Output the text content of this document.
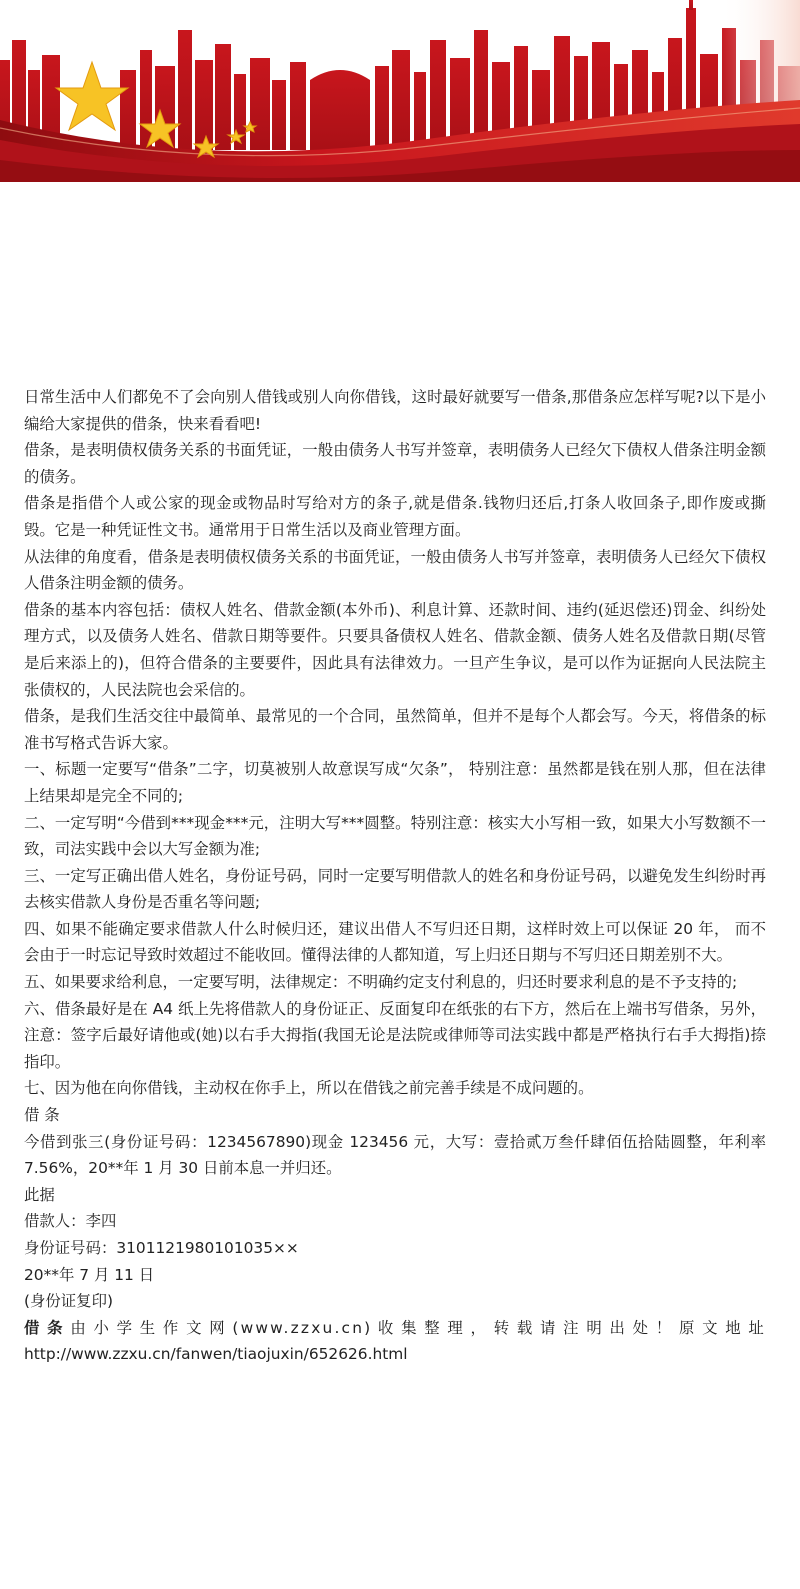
日常生活中人们都免不了会向别人借钱或别人向你借钱，这时最好就要写一借条,那借条应怎样写呢?以下是小编给大家提供的借条，快来看看吧!

借条，是表明债权债务关系的书面凭证，一般由债务人书写并签章，表明债务人已经欠下债权人借条注明金额的债务。

借条是指借个人或公家的现金或物品时写给对方的条子,就是借条.钱物归还后,打条人收回条子,即作废或撕毁。它是一种凭证性文书。通常用于日常生活以及商业管理方面。

从法律的角度看，借条是表明债权债务关系的书面凭证，一般由债务人书写并签章，表明债务人已经欠下债权人借条注明金额的债务。

借条的基本内容包括：债权人姓名、借款金额(本外币)、利息计算、还款时间、违约(延迟偿还)罚金、纠纷处理方式，以及债务人姓名、借款日期等要件。只要具备债权人姓名、借款金额、债务人姓名及借款日期(尽管是后来添上的)，但符合借条的主要要件，因此具有法律效力。一旦产生争议，是可以作为证据向人民法院主张债权的，人民法院也会采信的。

借条，是我们生活交往中最简单、最常见的一个合同，虽然简单，但并不是每个人都会写。今天，将借条的标准书写格式告诉大家。

一、标题一定要写“借条”二字，切莫被别人故意误写成“欠条”， 特别注意：虽然都是钱在别人那，但在法律上结果却是完全不同的;

二、一定写明“今借到***现金***元，注明大写***圆整。特别注意：核实大小写相一致，如果大小写数额不一致，司法实践中会以大写金额为准;

三、一定写正确出借人姓名，身份证号码，同时一定要写明借款人的姓名和身份证号码，以避免发生纠纷时再去核实借款人身份是否重名等问题;

四、如果不能确定要求借款人什么时候归还，建议出借人不写归还日期，这样时效上可以保证 20 年， 而不会由于一时忘记导致时效超过不能收回。懂得法律的人都知道，写上归还日期与不写归还日期差别不大。

五、如果要求给利息，一定要写明，法律规定：不明确约定支付利息的，归还时要求利息的是不予支持的;

六、借条最好是在 A4 纸上先将借款人的身份证正、反面复印在纸张的右下方，然后在上端书写借条，另外，注意：签字后最好请他或(她)以右手大拇指(我国无论是法院或律师等司法实践中都是严格执行右手大拇指)捺指印。

七、因为他在向你借钱，主动权在你手上，所以在借钱之前完善手续是不成问题的。

借 条

今借到张三(身份证号码：1234567890)现金 123456 元，大写：壹拾贰万叁仟肆佰伍拾陆圆整，年利率 7.56%，20**年 1 月 30 日前本息一并归还。

此据

借款人：李四

身份证号码：3101121980101035××

20**年 7 月 11 日

(身份证复印)

借条由小学生作文网(www.zzxu.cn)收集整理，转载请注明出处！原文地址

http://www.zzxu.cn/fanwen/tiaojuxin/652626.html
